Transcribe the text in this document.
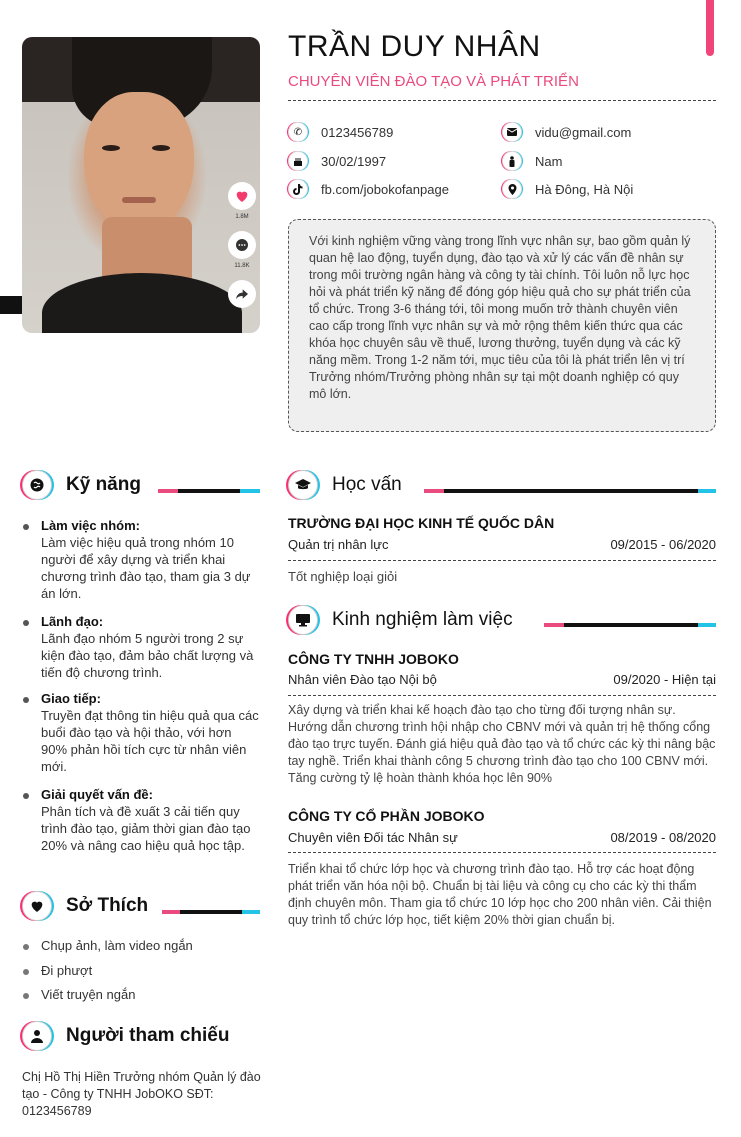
1.8M
11.8K
TRẦN DUY NHÂN
CHUYÊN VIÊN ĐÀO TẠO VÀ PHÁT TRIỂN
✆	0123456789	vidu@gmail.com
30/02/1997	Nam
fb.com/jobokofanpage	Hà Đông, Hà Nội
Với kinh nghiệm vững vàng trong lĩnh vực nhân sự, bao gồm quản lý quan hệ lao động, tuyển dụng, đào tạo và xử lý các vấn đề nhân sự trong môi trường ngân hàng và công ty tài chính. Tôi luôn nỗ lực học hỏi và phát triển kỹ năng để đóng góp hiệu quả cho sự phát triển của tổ chức. Trong 3-6 tháng tới, tôi mong muốn trở thành chuyên viên cao cấp trong lĩnh vực nhân sự và mở rộng thêm kiến thức qua các khóa học chuyên sâu về thuế, lương thưởng, tuyển dụng và các kỹ năng mềm. Trong 1-2 năm tới, mục tiêu của tôi là phát triển lên vị trí Trưởng nhóm/Trưởng phòng nhân sự tại một doanh nghiệp có quy mô lớn.
Kỹ năng
Làm việc nhóm:
Làm việc hiệu quả trong nhóm 10 người để xây dựng và triển khai chương trình đào tạo, tham gia 3 dự án lớn.
Lãnh đạo:
Lãnh đạo nhóm 5 người trong 2 sự kiện đào tạo, đảm bảo chất lượng và tiến độ chương trình.
Giao tiếp:
Truyền đạt thông tin hiệu quả qua các buổi đào tạo và hội thảo, với hơn 90% phản hồi tích cực từ nhân viên mới.
Giải quyết vấn đề:
Phân tích và đề xuất 3 cải tiến quy trình đào tạo, giảm thời gian đào tạo 20% và nâng cao hiệu quả học tập.
Sở Thích
Chụp ảnh, làm video ngắn
Đi phượt
Viết truyện ngắn
Người tham chiếu
Chị Hồ Thị Hiền Trưởng nhóm Quản lý đào tạo - Công ty TNHH JobOKO SĐT: 0123456789
Học vấn
TRƯỜNG ĐẠI HỌC KINH TẾ QUỐC DÂN
Quản trị nhân lực	09/2015 - 06/2020
Tốt nghiệp loại giỏi
Kinh nghiệm làm việc
CÔNG TY TNHH JOBOKO
Nhân viên Đào tạo Nội bộ	09/2020 - Hiện tại
Xây dựng và triển khai kế hoạch đào tạo cho từng đối tượng nhân sự. Hướng dẫn chương trình hội nhập cho CBNV mới và quản trị hệ thống cổng đào tạo trực tuyến. Đánh giá hiệu quả đào tạo và tổ chức các kỳ thi nâng bậc tay nghề. Triển khai thành công 5 chương trình đào tạo cho 100 CBNV mới. Tăng cường tỷ lệ hoàn thành khóa học lên 90%
CÔNG TY CỔ PHẦN JOBOKO
Chuyên viên Đối tác Nhân sự	08/2019 - 08/2020
Triển khai tổ chức lớp học và chương trình đào tạo. Hỗ trợ các hoạt động phát triển văn hóa nội bộ. Chuẩn bị tài liệu và công cụ cho các kỳ thi thẩm định chuyên môn. Tham gia tổ chức 10 lớp học cho 200 nhân viên. Cải thiện quy trình tổ chức lớp học, tiết kiệm 20% thời gian chuẩn bị.
